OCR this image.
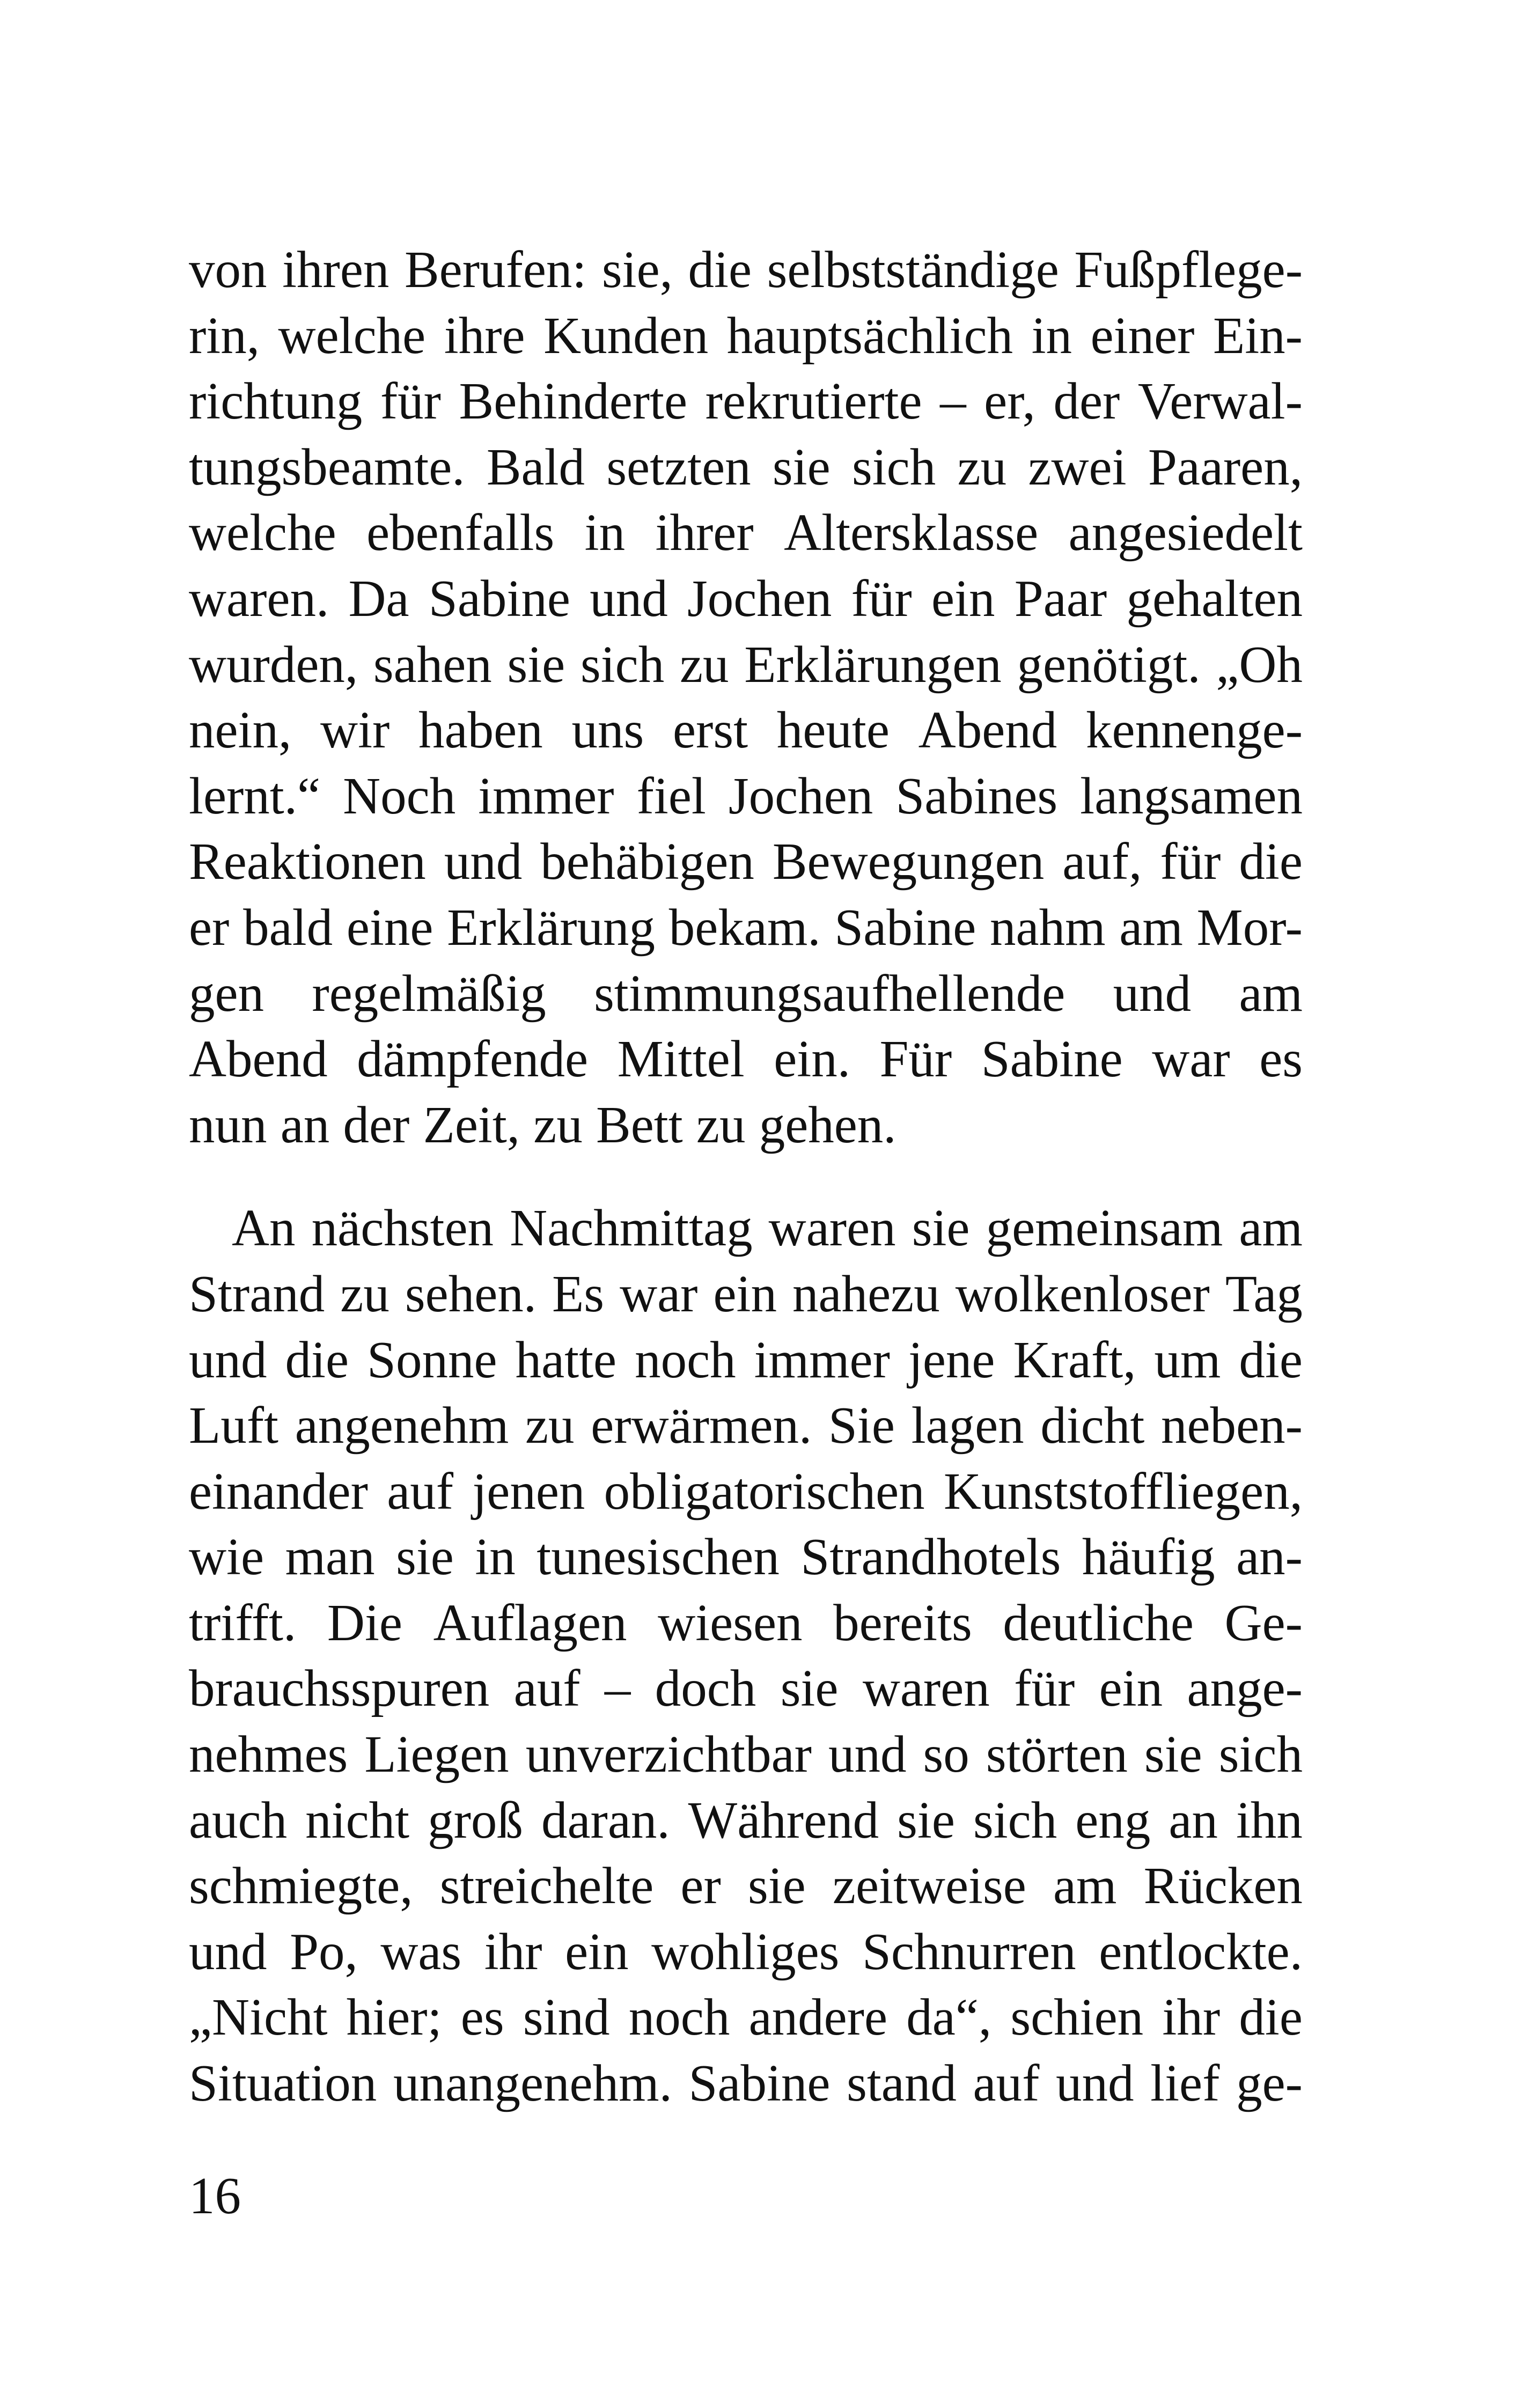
von ihren Berufen: sie, die selbstständige Fußpflege-
rin, welche ihre Kunden hauptsächlich in einer Ein-
richtung für Behinderte rekrutierte – er, der Verwal-
tungsbeamte. Bald setzten sie sich zu zwei Paaren,
welche ebenfalls in ihrer Altersklasse angesiedelt
waren. Da Sabine und Jochen für ein Paar gehalten
wurden, sahen sie sich zu Erklärungen genötigt. „Oh
nein, wir haben uns erst heute Abend kennenge-
lernt.“ Noch immer fiel Jochen Sabines langsamen
Reaktionen und behäbigen Bewegungen auf, für die
er bald eine Erklärung bekam. Sabine nahm am Mor-
gen regelmäßig stimmungsaufhellende und am
Abend dämpfende Mittel ein. Für Sabine war es
nun an der Zeit, zu Bett zu gehen.
An nächsten Nachmittag waren sie gemeinsam am
Strand zu sehen. Es war ein nahezu wolkenloser Tag
und die Sonne hatte noch immer jene Kraft, um die
Luft angenehm zu erwärmen. Sie lagen dicht neben-
einander auf jenen obligatorischen Kunststoffliegen,
wie man sie in tunesischen Strandhotels häufig an-
trifft. Die Auflagen wiesen bereits deutliche Ge-
brauchsspuren auf – doch sie waren für ein ange-
nehmes Liegen unverzichtbar und so störten sie sich
auch nicht groß daran. Während sie sich eng an ihn
schmiegte, streichelte er sie zeitweise am Rücken
und Po, was ihr ein wohliges Schnurren entlockte.
„Nicht hier; es sind noch andere da“, schien ihr die
Situation unangenehm. Sabine stand auf und lief ge-
16
